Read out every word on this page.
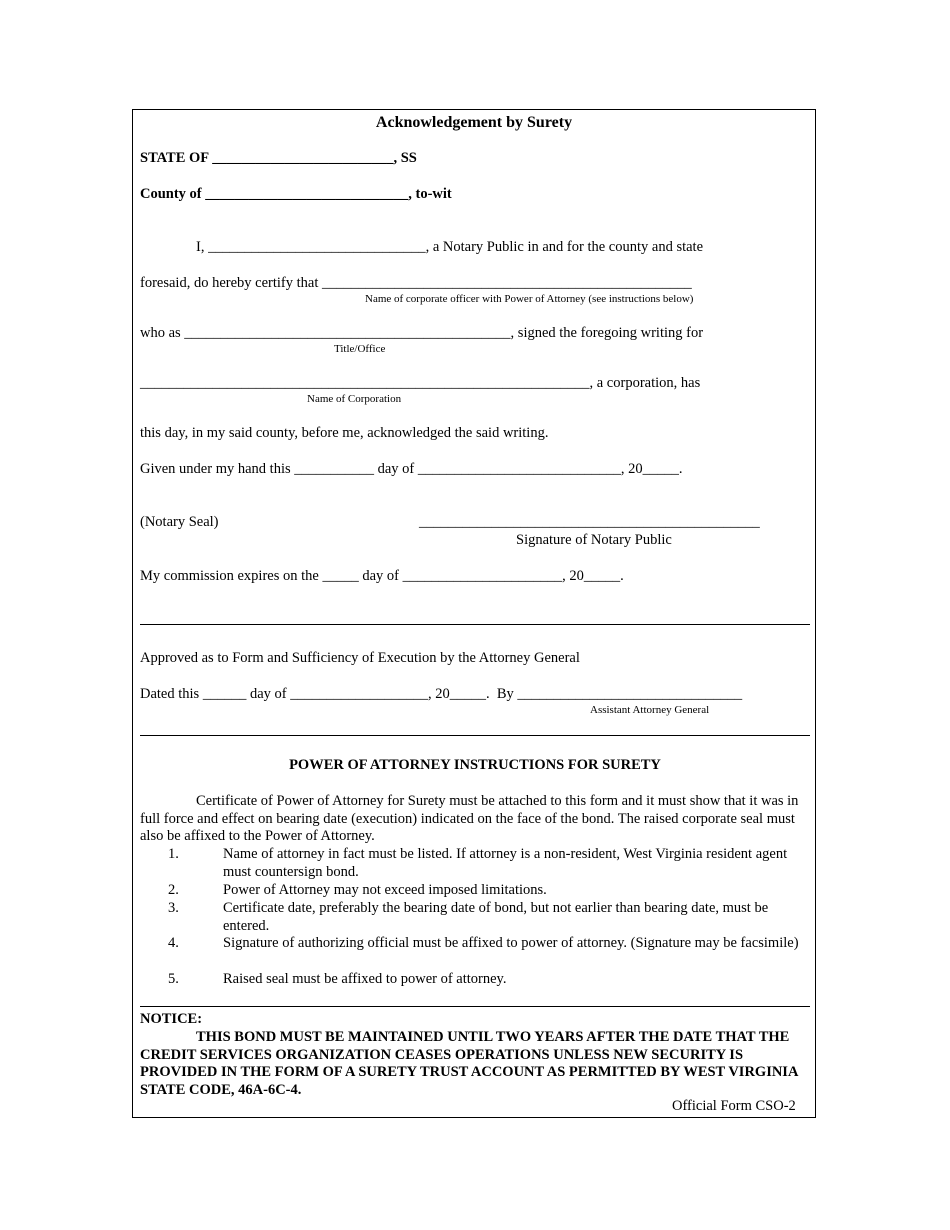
Acknowledgement by Surety
STATE OF _________________________, SS
County of ____________________________, to-wit
I, ______________________________, a Notary Public in and for the county and state
foresaid, do hereby certify that ___________________________________________________
Name of corporate officer with Power of Attorney (see instructions below)
who as _____________________________________________, signed the foregoing writing for
Title/Office
______________________________________________________________, a corporation, has
Name of Corporation
this day, in my said county, before me, acknowledged the said writing.
Given under my hand this ___________ day of ____________________________, 20_____.
(Notary Seal)	_______________________________________________
Signature of Notary Public
My commission expires on the _____ day of ______________________, 20_____.
Approved as to Form and Sufficiency of Execution by the Attorney General
Dated this ______ day of ___________________, 20_____.  By _______________________________
Assistant Attorney General
POWER OF ATTORNEY INSTRUCTIONS FOR SURETY
Certificate of Power of Attorney for Surety must be attached to this form and it must show that it was in full force and effect on bearing date (execution) indicated on the face of the bond. The raised corporate seal must also be affixed to the Power of Attorney.
1.	Name of attorney in fact must be listed. If attorney is a non-resident, West Virginia resident agent must countersign bond.
2.	Power of Attorney may not exceed imposed limitations.
3.	Certificate date, preferably the bearing date of bond, but not earlier than bearing date, must be entered.
4.	Signature of authorizing official must be affixed to power of attorney. (Signature may be facsimile)
5.	Raised seal must be affixed to power of attorney.
NOTICE:
THIS BOND MUST BE MAINTAINED UNTIL TWO YEARS AFTER THE DATE THAT THE CREDIT SERVICES ORGANIZATION CEASES OPERATIONS UNLESS NEW SECURITY IS PROVIDED IN THE FORM OF A SURETY TRUST ACCOUNT AS PERMITTED BY WEST VIRGINIA STATE CODE, 46A-6C-4.
Official Form CSO-2
